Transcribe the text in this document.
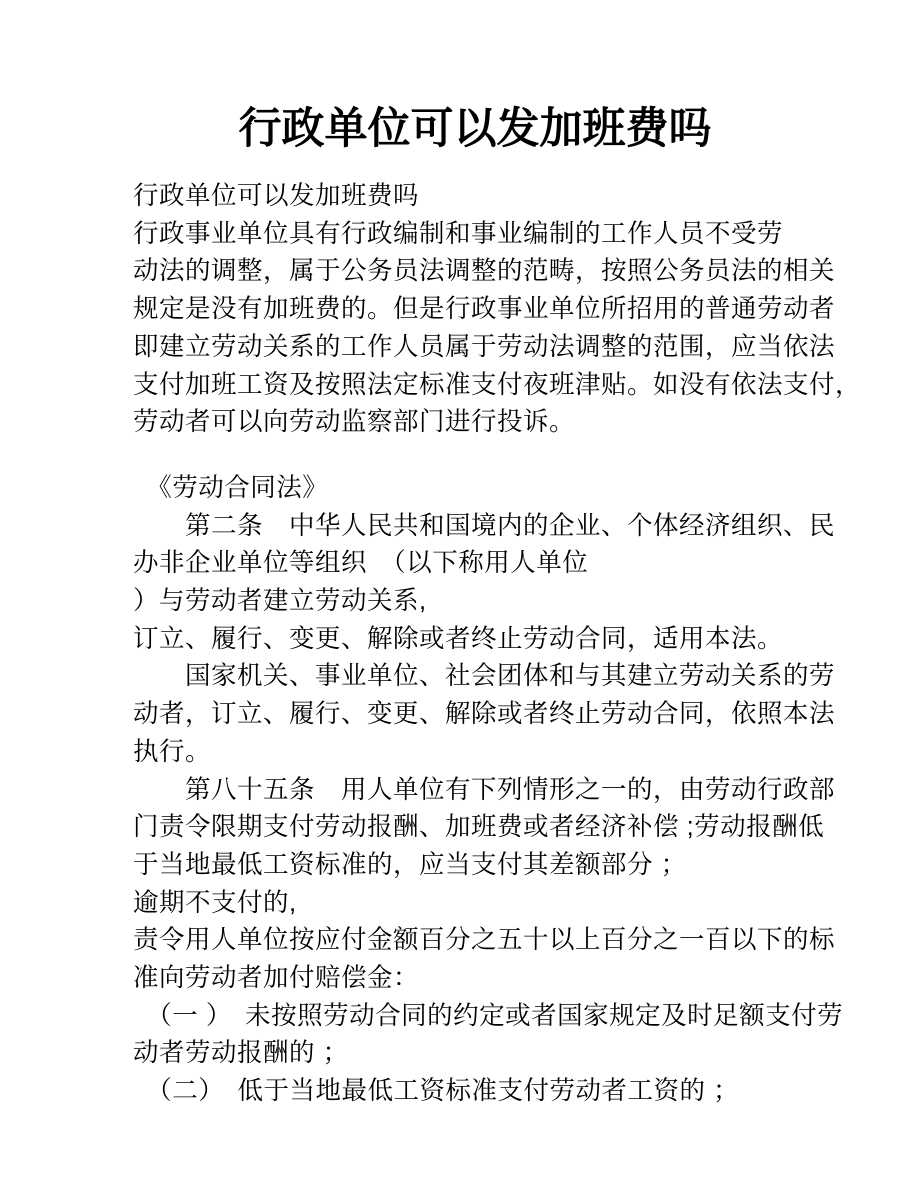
行政单位可以发加班费吗
行政单位可以发加班费吗
行政事业单位具有行政编制和事业编制的工作人员不受劳
动法的调整，属于公务员法调整的范畴，按照公务员法的相关
规定是没有加班费的。但是行政事业单位所招用的普通劳动者
即建立劳动关系的工作人员属于劳动法调整的范围，应当依法
支付加班工资及按照法定标准支付夜班津贴。如没有依法支付，
劳动者可以向劳动监察部门进行投诉。
　《劳动合同法》
　　第二条　中华人民共和国境内的企业、个体经济组织、民
办非企业单位等组织　（以下称用人单位
）与劳动者建立劳动关系,
订立、履行、变更、解除或者终止劳动合同，适用本法。
　　国家机关、事业单位、社会团体和与其建立劳动关系的劳
动者，订立、履行、变更、解除或者终止劳动合同，依照本法
执行。
　　第八十五条　用人单位有下列情形之一的，由劳动行政部
门责令限期支付劳动报酬、加班费或者经济补偿 ;劳动报酬低
于当地最低工资标准的，应当支付其差额部分 ；
逾期不支付的,
责令用人单位按应付金额百分之五十以上百分之一百以下的标
准向劳动者加付赔偿金：
　（一 ）　未按照劳动合同的约定或者国家规定及时足额支付劳
动者劳动报酬的 ；
　（二）　低于当地最低工资标准支付劳动者工资的 ；
